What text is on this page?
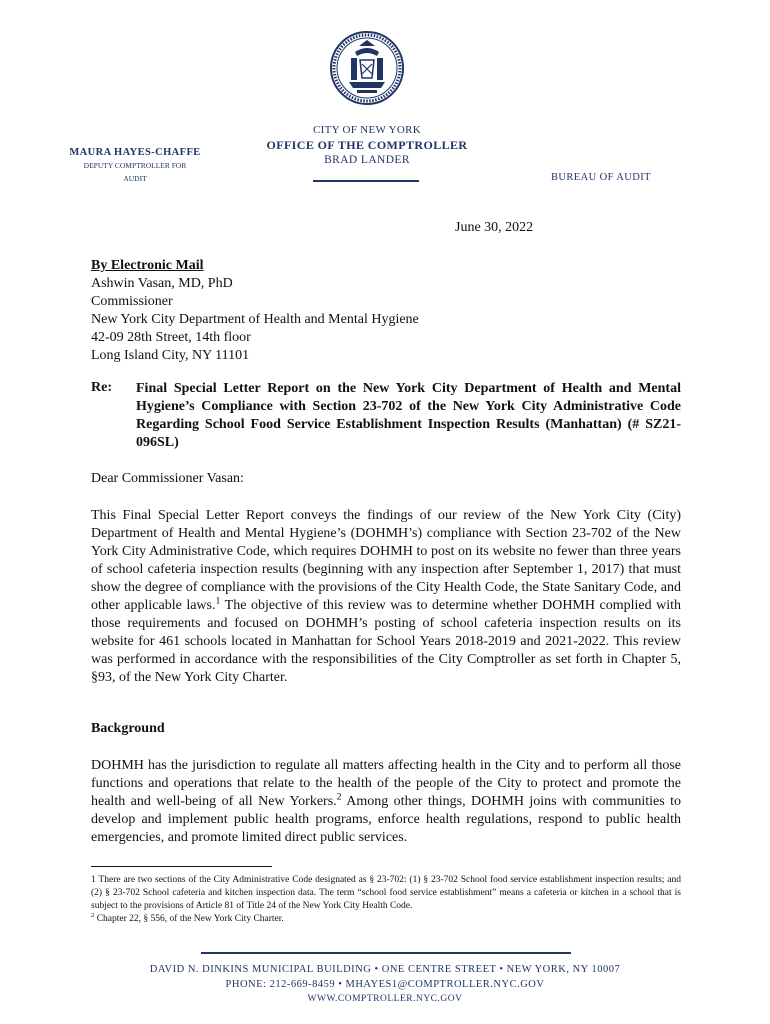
CITY OF NEW YORK
OFFICE OF THE COMPTROLLER
BRAD LANDER
MAURA HAYES-CHAFFE
DEPUTY COMPTROLLER FOR
AUDIT	BUREAU OF AUDIT
June 30, 2022
By Electronic Mail
Ashwin Vasan, MD, PhD
Commissioner
New York City Department of Health and Mental Hygiene
42-09 28th Street, 14th floor
Long Island City, NY 11101
Re: Final Special Letter Report on the New York City Department of Health and Mental Hygiene’s Compliance with Section 23-702 of the New York City Administrative Code Regarding School Food Service Establishment Inspection Results (Manhattan) (# SZ21-096SL)
Dear Commissioner Vasan:
This Final Special Letter Report conveys the findings of our review of the New York City (City) Department of Health and Mental Hygiene’s (DOHMH’s) compliance with Section 23-702 of the New York City Administrative Code, which requires DOHMH to post on its website no fewer than three years of school cafeteria inspection results (beginning with any inspection after September 1, 2017) that must show the degree of compliance with the provisions of the City Health Code, the State Sanitary Code, and other applicable laws.$^1$ The objective of this review was to determine whether DOHMH complied with those requirements and focused on DOHMH’s posting of school cafeteria inspection results on its website for 461 schools located in Manhattan for School Years 2018-2019 and 2021-2022. This review was performed in accordance with the responsibilities of the City Comptroller as set forth in Chapter 5, §93, of the New York City Charter.
Background
DOHMH has the jurisdiction to regulate all matters affecting health in the City and to perform all those functions and operations that relate to the health of the people of the City to protect and promote the health and well-being of all New Yorkers.$^2$ Among other things, DOHMH joins with communities to develop and implement public health programs, enforce health regulations, respond to public health emergencies, and promote limited direct public services.
1 There are two sections of the City Administrative Code designated as § 23-702: (1) § 23-702 School food service establishment inspection results; and (2) § 23-702 School cafeteria and kitchen inspection data. The term “school food service establishment” means a cafeteria or kitchen in a school that is subject to the provisions of Article 81 of Title 24 of the New York City Health Code.
$^2$ Chapter 22, § 556, of the New York City Charter.
DAVID N. DINKINS MUNICIPAL BUILDING • ONE CENTRE STREET • NEW YORK, NY 10007
PHONE: 212-669-8459 • MHAYES1@COMPTROLLER.NYC.GOV
WWW.COMPTROLLER.NYC.GOV
